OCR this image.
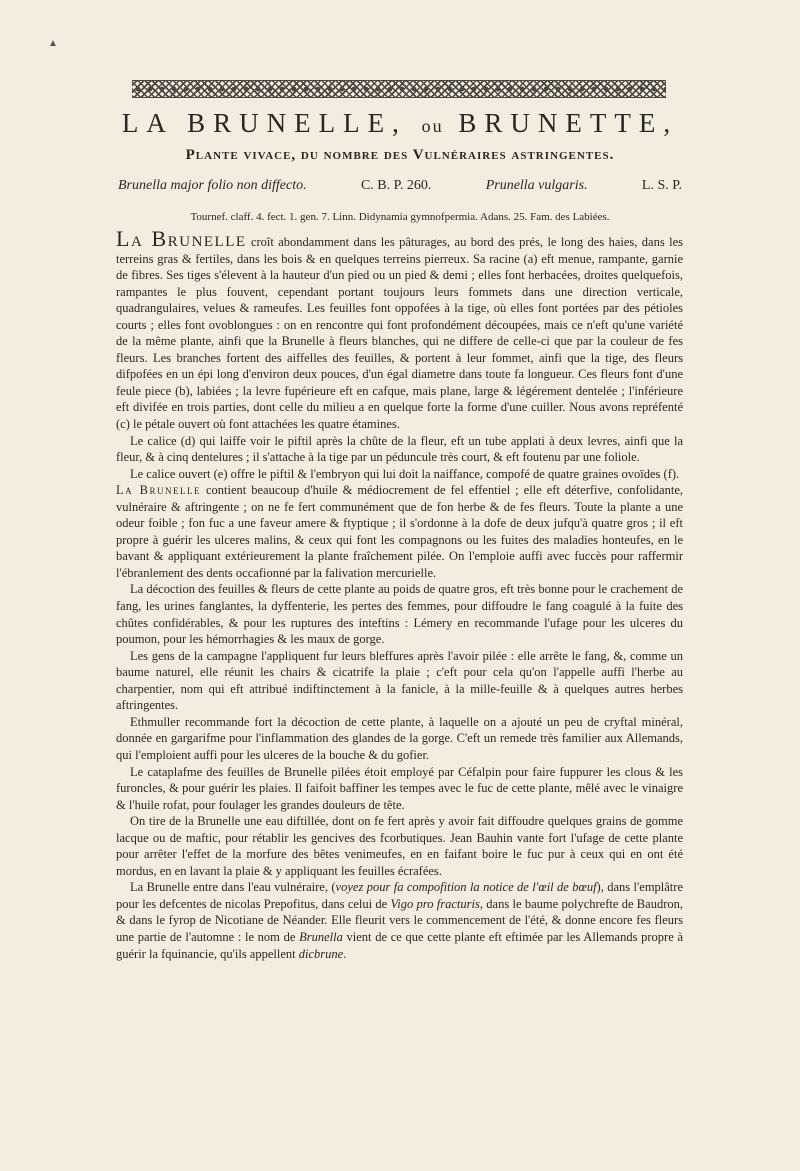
▲
LA BRUNELLE, ou BRUNETTE,
Plante vivace, du nombre des Vulnéraires astringentes.
Brunella major folio non diffecto.	C. B. P. 260.	Prunella vulgaris.	L. S. P.
Tournef. claff. 4. fect. 1. gen. 7. Linn. Didynamia gymnofpermia. Adans. 25. Fam. des Labiées.

La Brunelle croît abondamment dans les pâturages, au bord des prés, le long des haies, dans les terreins gras & fertiles, dans les bois & en quelques terreins pierreux. Sa racine (a) eft menue, rampante, garnie de fibres. Ses tiges s'élevent à la hauteur d'un pied ou un pied & demi ; elles font herbacées, droites quelquefois, rampantes le plus fouvent, cependant portant toujours leurs fommets dans une direction verticale, quadrangulaires, velues & rameufes. Les feuilles font oppofées à la tige, où elles font portées par des pétioles courts ; elles font ovoblongues : on en rencontre qui font profondément découpées, mais ce n'eft qu'une variété de la même plante, ainfi que la Brunelle à fleurs blanches, qui ne differe de celle-ci que par la couleur de fes fleurs. Les branches fortent des aiffelles des feuilles, & portent à leur fommet, ainfi que la tige, des fleurs difpofées en un épi long d'environ deux pouces, d'un égal diametre dans toute fa longueur. Ces fleurs font d'une feule piece (b), labiées ; la levre fupérieure eft en cafque, mais plane, large & légérement dentelée ; l'inférieure eft divifée en trois parties, dont celle du milieu a en quelque forte la forme d'une cuiller. Nous avons repréfenté (c) le pétale ouvert où font attachées les quatre étamines.

Le calice (d) qui laiffe voir le piftil après la chûte de la fleur, eft un tube applati à deux levres, ainfi que la fleur, & à cinq dentelures ; il s'attache à la tige par un péduncule très court, & eft foutenu par une foliole.

Le calice ouvert (e) offre le piftil & l'embryon qui lui doit la naiffance, compofé de quatre graines ovoïdes (f).

La Brunelle contient beaucoup d'huile & médiocrement de fel effentiel ; elle eft déterfive, confolidante, vulnéraire & aftringente ; on ne fe fert communément que de fon herbe & de fes fleurs. Toute la plante a une odeur foible ; fon fuc a une faveur amere & ftyptique ; il s'ordonne à la dofe de deux jufqu'à quatre gros ; il eft propre à guérir les ulceres malins, & ceux qui font les compagnons ou les fuites des maladies honteufes, en le bavant & appliquant extérieurement la plante fraîchement pilée. On l'emploie auffi avec fuccès pour raffermir l'ébranlement des dents occafionné par la falivation mercurielle.

La décoction des feuilles & fleurs de cette plante au poids de quatre gros, eft très bonne pour le crachement de fang, les urines fanglantes, la dyffenterie, les pertes des femmes, pour diffoudre le fang coagulé à la fuite des chûtes confidérables, & pour les ruptures des inteftins : Lémery en recommande l'ufage pour les ulceres du poumon, pour les hémorrhagies & les maux de gorge.

Les gens de la campagne l'appliquent fur leurs bleffures après l'avoir pilée : elle arrête le fang, &, comme un baume naturel, elle réunit les chairs & cicatrife la plaie ; c'eft pour cela qu'on l'appelle auffi l'herbe au charpentier, nom qui eft attribué indiftinctement à la fanicle, à la mille-feuille & à quelques autres herbes aftringentes.

Ethmuller recommande fort la décoction de cette plante, à laquelle on a ajouté un peu de cryftal minéral, donnée en gargarifme pour l'inflammation des glandes de la gorge. C'eft un remede très familier aux Allemands, qui l'emploient auffi pour les ulceres de la bouche & du gofier.

Le cataplafme des feuilles de Brunelle pilées étoit employé par Céfalpin pour faire fuppurer les clous & les furoncles, & pour guérir les plaies. Il faifoit baffiner les tempes avec le fuc de cette plante, mêlé avec le vinaigre & l'huile rofat, pour foulager les grandes douleurs de tête.

On tire de la Brunelle une eau diftillée, dont on fe fert après y avoir fait diffoudre quelques grains de gomme lacque ou de maftic, pour rétablir les gencives des fcorbutiques. Jean Bauhin vante fort l'ufage de cette plante pour arrêter l'effet de la morfure des bêtes venimeufes, en en faifant boire le fuc pur à ceux qui en ont été mordus, en en lavant la plaie & y appliquant les feuilles écrafées.

La Brunelle entre dans l'eau vulnéraire, (voyez pour fa compofition la notice de l'œil de bœuf), dans l'emplâtre pour les defcentes de nicolas Prepofitus, dans celui de Vigo pro fracturis, dans le baume polychrefte de Baudron, & dans le fyrop de Nicotiane de Néander. Elle fleurit vers le commencement de l'été, & donne encore fes fleurs une partie de l'automne : le nom de Brunella vient de ce que cette plante eft eftimée par les Allemands propre à guérir la fquinancie, qu'ils appellent dicbrune.
